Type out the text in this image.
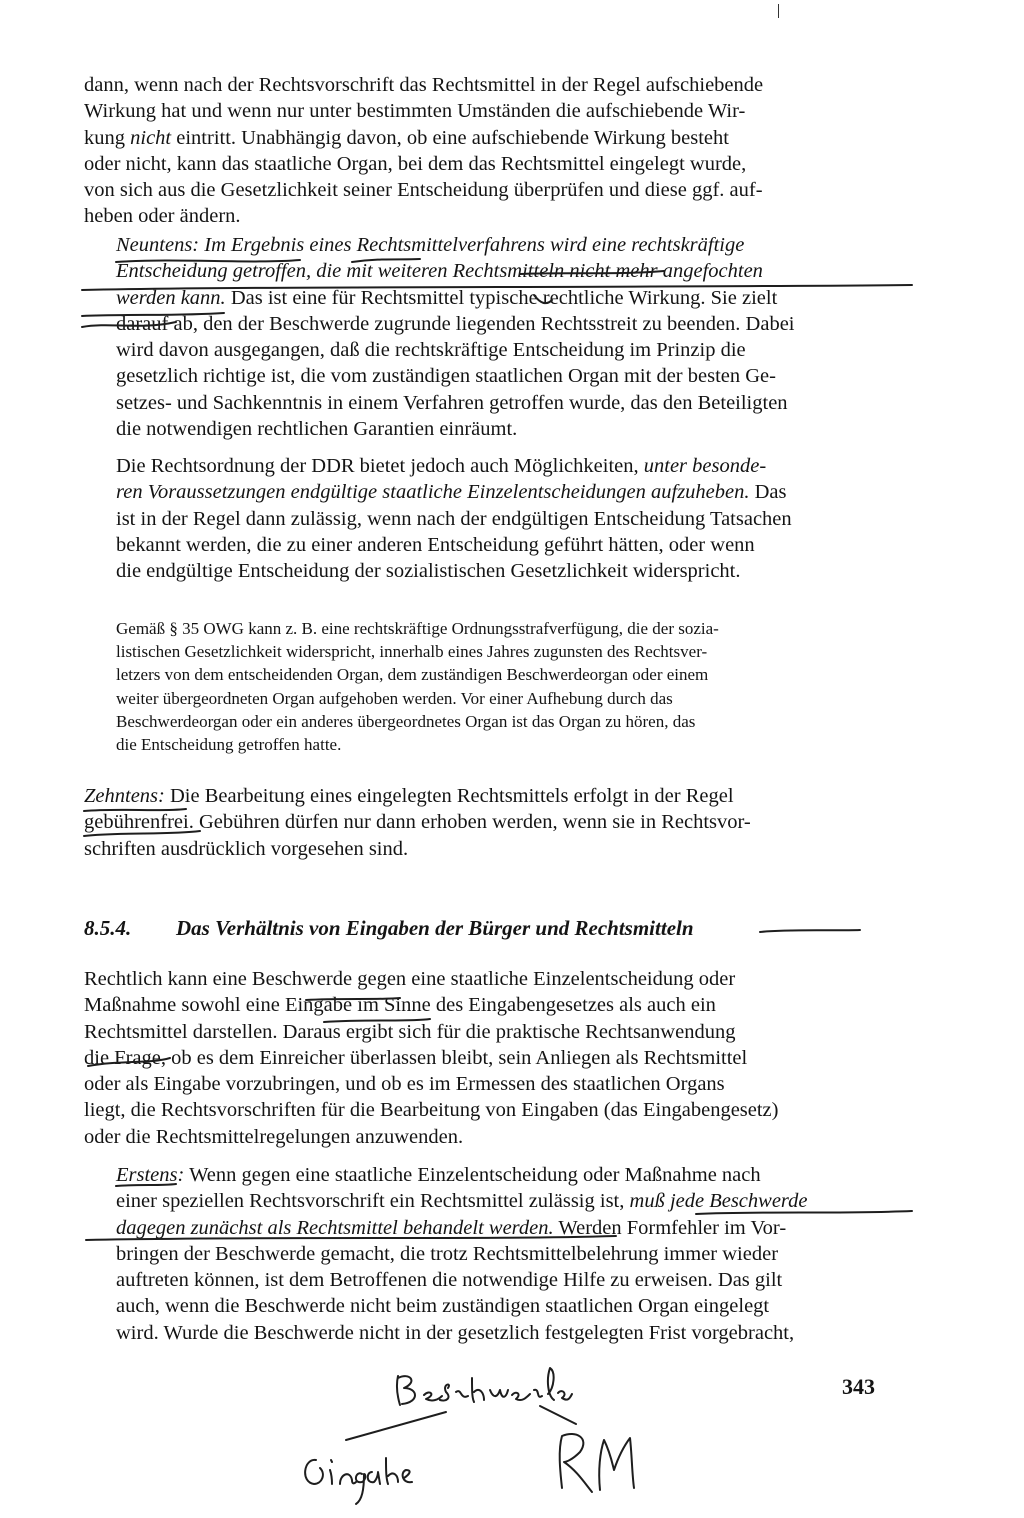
dann, wenn nach der Rechtsvorschrift das Rechtsmittel in der Regel aufschiebende
Wirkung hat und wenn nur unter bestimmten Umständen die aufschiebende Wir-
kung nicht eintritt. Unabhängig davon, ob eine aufschiebende Wirkung besteht
oder nicht, kann das staatliche Organ, bei dem das Rechtsmittel eingelegt wurde,
von sich aus die Gesetzlichkeit seiner Entscheidung überprüfen und diese ggf. auf-
heben oder ändern.

Neuntens: Im Ergebnis eines Rechtsmittelverfahrens wird eine rechtskräftige
Entscheidung getroffen, die mit weiteren Rechtsmitteln nicht mehr angefochten
werden kann. Das ist eine für Rechtsmittel typische rechtliche Wirkung. Sie zielt
darauf ab, den der Beschwerde zugrunde liegenden Rechtsstreit zu beenden. Dabei
wird davon ausgegangen, daß die rechtskräftige Entscheidung im Prinzip die
gesetzlich richtige ist, die vom zuständigen staatlichen Organ mit der besten Ge-
setzes- und Sachkenntnis in einem Verfahren getroffen wurde, das den Beteiligten
die notwendigen rechtlichen Garantien einräumt.

Die Rechtsordnung der DDR bietet jedoch auch Möglichkeiten, unter besonde-
ren Voraussetzungen endgültige staatliche Einzelentscheidungen aufzuheben. Das
ist in der Regel dann zulässig, wenn nach der endgültigen Entscheidung Tatsachen
bekannt werden, die zu einer anderen Entscheidung geführt hätten, oder wenn
die endgültige Entscheidung der sozialistischen Gesetzlichkeit widerspricht.

Gemäß § 35 OWG kann z. B. eine rechtskräftige Ordnungsstrafverfügung, die der sozia-
listischen Gesetzlichkeit widerspricht, innerhalb eines Jahres zugunsten des Rechtsver-
letzers von dem entscheidenden Organ, dem zuständigen Beschwerdeorgan oder einem
weiter übergeordneten Organ aufgehoben werden. Vor einer Aufhebung durch das
Beschwerdeorgan oder ein anderes übergeordnetes Organ ist das Organ zu hören, das
die Entscheidung getroffen hatte.

Zehntens: Die Bearbeitung eines eingelegten Rechtsmittels erfolgt in der Regel
gebührenfrei. Gebühren dürfen nur dann erhoben werden, wenn sie in Rechtsvor-
schriften ausdrücklich vorgesehen sind.

8.5.4. Das Verhältnis von Eingaben der Bürger und Rechtsmitteln

Rechtlich kann eine Beschwerde gegen eine staatliche Einzelentscheidung oder
Maßnahme sowohl eine Eingabe im Sinne des Eingabengesetzes als auch ein
Rechtsmittel darstellen. Daraus ergibt sich für die praktische Rechtsanwendung
die Frage, ob es dem Einreicher überlassen bleibt, sein Anliegen als Rechtsmittel
oder als Eingabe vorzubringen, und ob es im Ermessen des staatlichen Organs
liegt, die Rechtsvorschriften für die Bearbeitung von Eingaben (das Eingabengesetz)
oder die Rechtsmittelregelungen anzuwenden.

Erstens: Wenn gegen eine staatliche Einzelentscheidung oder Maßnahme nach
einer speziellen Rechtsvorschrift ein Rechtsmittel zulässig ist, muß jede Beschwerde
dagegen zunächst als Rechtsmittel behandelt werden. Werden Formfehler im Vor-
bringen der Beschwerde gemacht, die trotz Rechtsmittelbelehrung immer wieder
auftreten können, ist dem Betroffenen die notwendige Hilfe zu erweisen. Das gilt
auch, wenn die Beschwerde nicht beim zuständigen staatlichen Organ eingelegt
wird. Wurde die Beschwerde nicht in der gesetzlich festgelegten Frist vorgebracht,

343
